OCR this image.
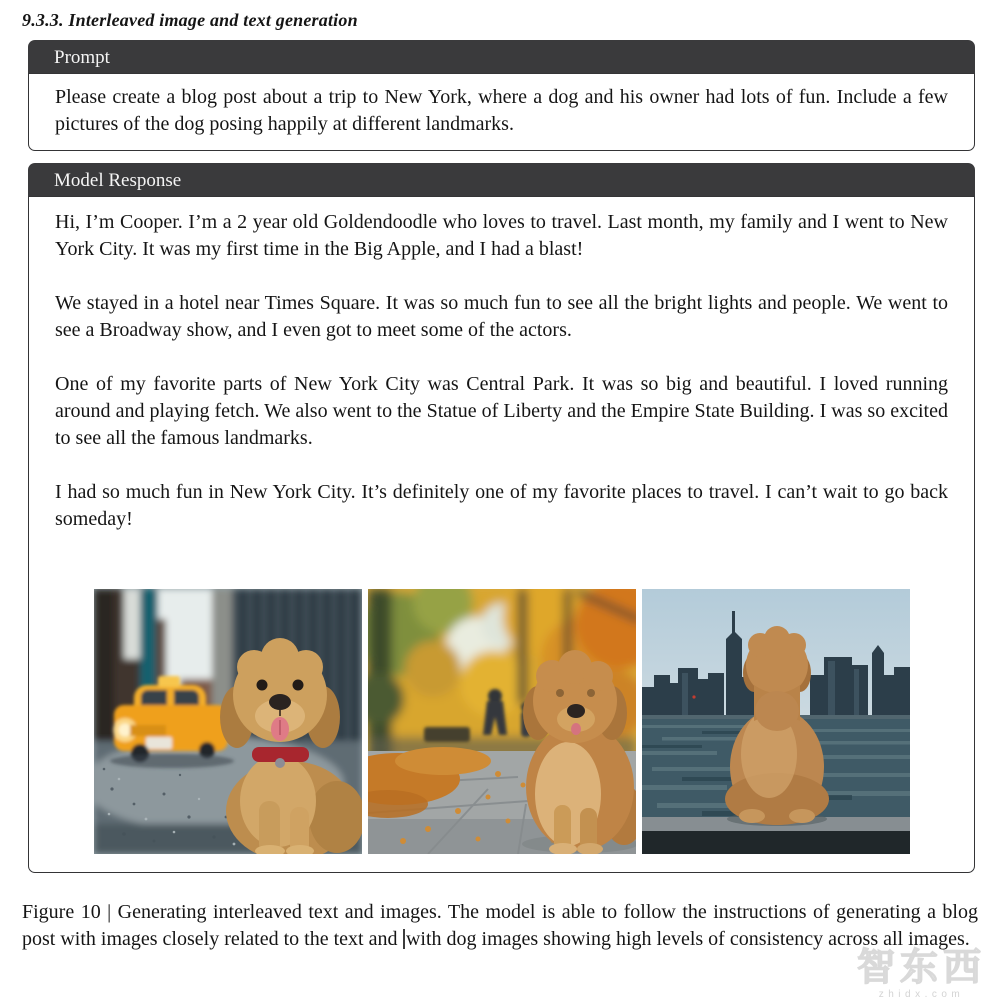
9.3.3. Interleaved image and text generation
Prompt

Please create a blog post about a trip to New York, where a dog and his owner had lots of fun. Include a few pictures of the dog posing happily at different landmarks.

Model Response

Hi, I’m Cooper. I’m a 2 year old Goldendoodle who loves to travel. Last month, my family and I went to New York City. It was my first time in the Big Apple, and I had a blast!

We stayed in a hotel near Times Square. It was so much fun to see all the bright lights and people. We went to see a Broadway show, and I even got to meet some of the actors.

One of my favorite parts of New York City was Central Park. It was so big and beautiful. I loved running around and playing fetch. We also went to the Statue of Liberty and the Empire State Building. I was so excited to see all the famous landmarks.

I had so much fun in New York City. It’s definitely one of my favorite places to travel. I can’t wait to go back someday!

Figure 10 | Generating interleaved text and images. The model is able to follow the instructions of generating a blog post with images closely related to the text and with dog images showing high levels of consistency across all images.

智东西
zhidx.com
